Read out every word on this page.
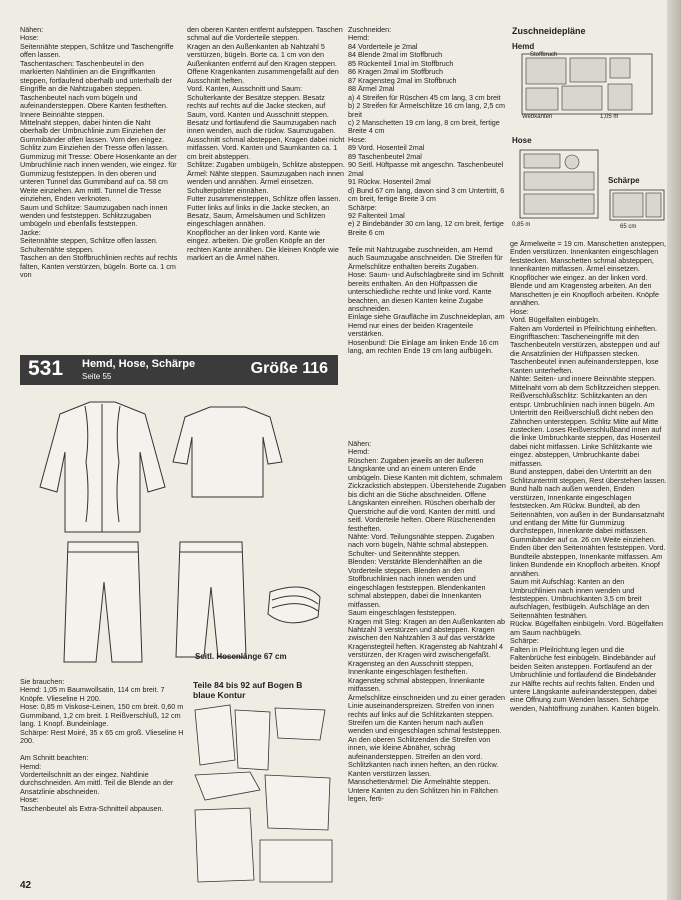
Nähen:
Hose:
Seitennähte steppen, Schlitze und Taschengriffe offen lassen.
Taschentaschen: Taschenbeutel in den markierten Nahtlinien an die Eingriffkanten steppen, fortlaufend oberhalb und unterhalb der Eingriffe an die Nahtzugaben steppen. Taschenbeutel nach vorn bügeln und aufeinandersteppen. Obere Kanten festheften.
Innere Beinnähte steppen.
Mittelnaht steppen, dabei hinten die Naht oberhalb der Umbruchlinie zum Einziehen der Gummibänder offen lassen. Vorn den eingez. Schlitz zum Einziehen der Tresse offen lassen.
Gummizug mit Tresse: Obere Hosenkante an der Umbruchlinie nach innen wenden, wie eingez. für Gummizug feststeppen. In den oberen und unteren Tunnel das Gummiband auf ca. 58 cm Weite einziehen. Am mittl. Tunnel die Tresse einziehen, Enden verknoten.
Saum und Schlitze: Saumzugaben nach innen wenden und feststeppen. Schlitzzugaben umbügeln und ebenfalls feststeppen.
Jacke:
Seitennähte steppen, Schlitze offen lassen.
Schulternähte steppen.
Taschen an den Stoffbruchlinien rechts auf rechts falten, Kanten verstürzen, bügeln. Borte ca. 1 cm von
den oberen Kanten entfernt aufsteppen. Taschen schmal auf die Vorderteile steppen.
Kragen an den Außenkanten ab Nahtzahl 5 verstürzen, bügeln. Borte ca. 1 cm von den Außenkanten entfernt auf den Kragen steppen. Offene Kragenkanten zusammengefaßt auf den Ausschnitt heften.
Vord. Kanten, Ausschnitt und Saum: Schulterkante der Besätze steppen. Besatz rechts auf rechts auf die Jacke stecken, auf Saum, vord. Kanten und Ausschnitt steppen. Besatz und fortlaufend die Saumzugaben nach innen wenden, auch die rückw. Saumzugaben. Ausschnitt schmal absteppen, Kragen dabei nicht mitfassen. Vord. Kanten und Saumkanten ca. 1 cm breit absteppen.
Schlitze: Zugaben umbügeln, Schlitze absteppen.
Ärmel: Nähte steppen. Saumzugaben nach innen wenden und annähen. Ärmel einsetzen. Schulterpolster einnähen.
Futter zusammensteppen, Schlitze offen lassen. Futter links auf links in die Jacke stecken, an Besatz, Saum, Ärmelsäumen und Schlitzen eingeschlagen annähen.
Knopflöcher an der linken vord. Kante wie eingez. arbeiten. Die großen Knöpfe an der rechten Kante annähen. Die kleinen Knöpfe wie markiert an die Ärmel nähen.
Zuschneiden:
Hemd:
84 Vorderteile je 2mal
84 Blende 2mal im Stoffbruch
85 Rückenteil 1mal im Stoffbruch
86 Kragen 2mal im Stoffbruch
87 Kragensteg 2mal im Stoffbruch
88 Ärmel 2mal
a) 4 Streifen für Rüschen 45 cm lang, 3 cm breit
b) 2 Streifen für Ärmelschlitze 16 cm lang, 2,5 cm breit
c) 2 Manschetten 19 cm lang, 8 cm breit, fertige Breite 4 cm
Hose:
89 Vord. Hosenteil 2mal
89 Taschenbeutel 2mal
90 Seitl. Hüftpasse mit angeschn. Taschenbeutel 2mal
91 Rückw. Hosenteil 2mal
d) Bund 67 cm lang, davon sind 3 cm Untertritt, 6 cm breit, fertige Breite 3 cm
Schärpe:
92 Faltenteil 1mal
e) 2 Bindebänder 30 cm lang, 12 cm breit, fertige Breite 6 cm

Teile mit Nahtzugabe zuschneiden, am Hemd auch Saumzugabe anschneiden. Die Streifen für Ärmelschlitze enthalten bereits Zugaben.
Hose: Saum- und Aufschlagbreite sind im Schnitt bereits enthalten. An den Hüftpassen die unterschiedliche rechte und linke vord. Kante beachten, an diesen Kanten keine Zugabe anschneiden.
Einlage siehe Graufläche im Zuschneideplan, am Hemd nur eines der beiden Kragenteile verstärken.
Hosenbund: Die Einlage am linken Ende 16 cm lang, am rechten Ende 19 cm lang aufbügeln.
Nähen:
Hemd:
Rüschen: Zugaben jeweils an der äußeren Längskante und an einem unteren Ende umbügeln. Diese Kanten mit dichtem, schmalem Zickzackstich absteppen. Überstehende Zugaben bis dicht an die Stiche abschneiden. Offene Längskanten einreihen. Rüschen oberhalb der Querstriche auf die vord. Kanten der mittl. und seitl. Vorderteile heften. Obere Rüschenenden festheften.
Nähte: Vord. Teilungsnähte steppen. Zugaben nach vorn bügeln, Nähte schmal absteppen. Schulter- und Seitennähte steppen.
Blenden: Verstärkte Blendenhälften an die Vorderteile steppen. Blenden an den Stoffbruchlinien nach innen wenden und eingeschlagen feststeppen. Blendenkanten schmal absteppen, dabei die Innenkanten mitfassen.
Saum eingeschlagen feststeppen.
Kragen mit Steg: Kragen an den Außenkanten ab Nahtzahl 3 verstürzen und absteppen. Kragen zwischen den Nahtzahlen 3 auf das verstärkte Kragenstegteil heften. Kragensteg ab Nahtzahl 4 verstürzen, der Kragen wird zwischengefaßt. Kragensteg an den Ausschnitt steppen, Innenkante eingeschlagen festheften. Kragensteg schmal absteppen, Innenkante mitfassen.
Ärmelschlitze einschneiden und zu einer geraden Linie auseinanderspreizen. Streifen von innen rechts auf links auf die Schlitzkanten steppen. Streifen um die Kanten herum nach außen wenden und eingeschlagen schmal feststeppen. An den oberen Schlitzenden die Streifen von innen, wie kleine Abnäher, schräg aufeinandersteppen. Streifen an den vord. Schlitzkanten nach innen heften, an den rückw. Kanten verstürzen lassen.
Manschettenärmel: Die Ärmelnähte steppen. Untere Kanten zu den Schlitzen hin in Fältchen legen, ferti-
ge Ärmelweite = 19 cm. Manschetten ansteppen, Enden verstürzen. Innenkanten eingeschlagen feststecken. Manschetten schmal absteppen, Innenkanten mitfassen. Ärmel einsetzen.
Knopflöcher wie eingez. an der linken vord. Blende und am Kragensteg arbeiten. An den Manschetten je ein Knopfloch arbeiten. Knöpfe annähen.
Hose:
Vord. Bügelfalten einbügeln.
Falten am Vorderteil in Pfeilrichtung einheften.
Eingrifftaschen: Tascheneingriffe mit den Taschenbeuteln verstürzen, absteppen und auf die Ansatzlinien der Hüftpassen stecken. Taschenbeutel innen aufeinandersteppen, lose Kanten unterheften.
Nähte: Seiten- und innere Beinnähte steppen. Mittelnaht vorn ab dem Schlitzzeichen steppen.
Reißverschlußschlitz: Schlitzkanten an den entspr. Umbruchlinien nach innen bügeln. Am Untertritt den Reißverschluß dicht neben den Zähnchen untersteppen. Schlitz Mitte auf Mitte zustecken. Loses Reißverschlußband innen auf die linke Umbruchkante steppen, das Hosenteil dabei nicht mitfassen. Linke Schlitzkante wie eingez. absteppen, Umbruchkante dabei mitfassen.
Bund ansteppen, dabei den Untertritt an den Schlitzuntertritt steppen, Rest überstehen lassen. Bund halb nach außen wenden, Enden verstürzen, Innenkante eingeschlagen feststecken. Am Rückw. Bundteil, ab den Seitennähten, von außen in der Bundansatznaht und entlang der Mitte für Gummizug durchsteppen, Innenkante dabei mitfassen. Gummibänder auf ca. 26 cm Weite einziehen. Enden über den Seitennähten feststeppen. Vord. Bundteile absteppen, Innenkante mitfassen. Am linken Bundende ein Knopfloch arbeiten. Knopf annähen.
Saum mit Aufschlag: Kanten an den Umbruchlinien nach innen wenden und feststeppen. Umbruchkanten 3,5 cm breit aufschlagen, festbügeln. Aufschläge an den Seitennähten festnähen.
Rückw. Bügelfalten einbügeln. Vord. Bügelfalten am Saum nachbügeln.
Schärpe:
Falten in Pfeilrichtung legen und die Faltenbrüche fest einbügeln. Bindebänder auf beiden Seiten ansteppen. Fortlaufend an der Umbruchlinie und fortlaufend die Bindebänder zur Hälfte rechts auf rechts falten. Enden und untere Längskante aufeinandersteppen, dabei eine Öffnung zum Wenden lassen. Schärpe wenden, Nahtöffnung zunähen. Kanten bügeln.
531 Hemd, Hose, Schärpe
Seite 55	Größe 116
Seitl. Hosenlänge 67 cm
Sie brauchen:
Hemd: 1,05 m Baumwollsatin, 114 cm breit. 7 Knöpfe. Vlieseline H 200.
Hose: 0,85 m Viskose-Leinen, 150 cm breit. 0,60 m Gummiband, 1,2 cm breit. 1 Reißverschluß, 12 cm lang. 1 Knopf. Bundeinlage.
Schärpe: Rest Moiré, 35 x 65 cm groß. Vlieseline H 200.

Am Schnitt beachten:
Hemd:
Vorderteilschnitt an der eingez. Nahtlinie durchschneiden. Am mittl. Teil die Blende an der Ansatzlinie abschneiden.
Hose:
Taschenbeutel als Extra-Schnitteil abpausen.
Teile 84 bis 92 auf Bogen B
blaue Kontur
Zuschneidepläne
Hemd
Stoffbruch
Webkanten	1,05 m
Hose
0,85 m
Schärpe
65 cm
42
